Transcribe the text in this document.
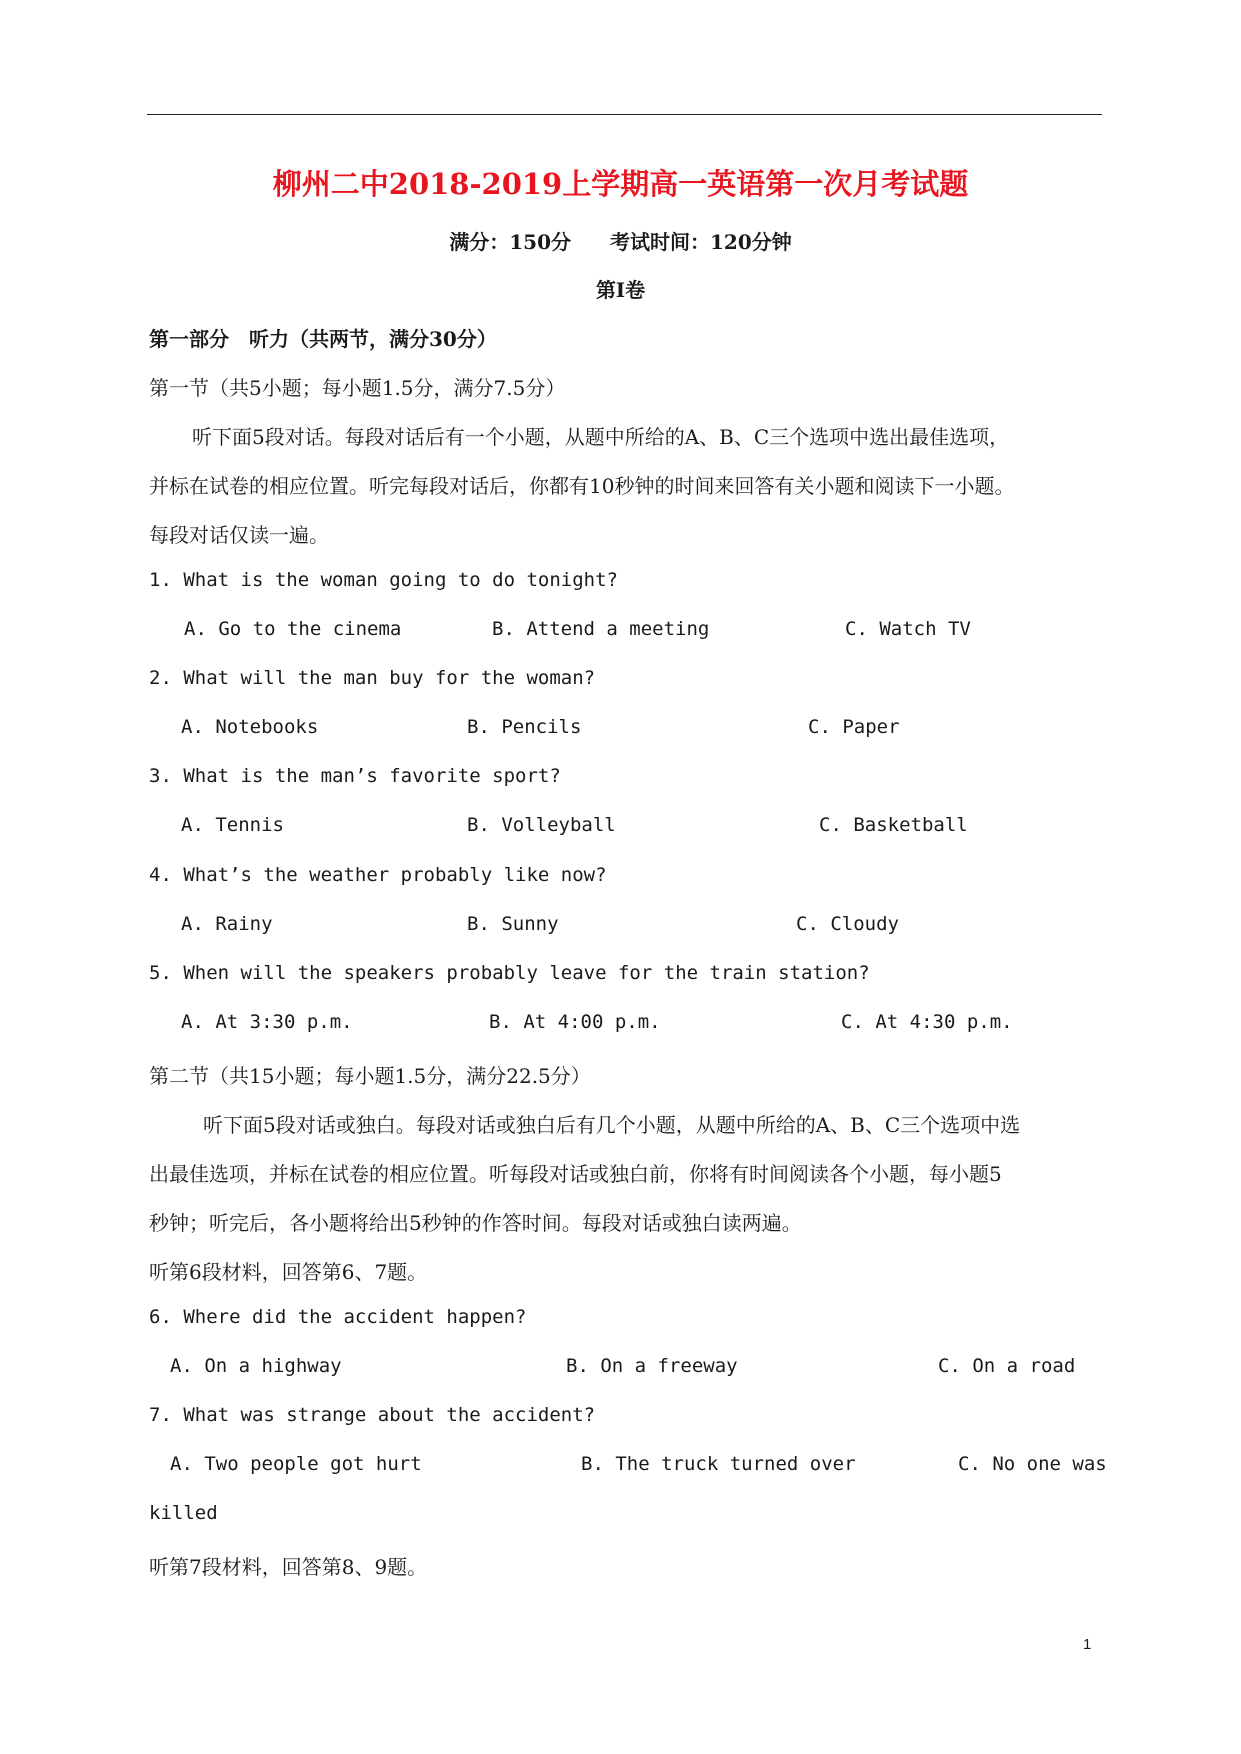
柳州二中2018-2019上学期高一英语第一次月考试题
满分：150分 考试时间：120分钟
第Ⅰ卷
第一部分　听力（共两节，满分30分）
第一节（共5小题；每小题1.5分，满分7.5分）
听下面5段对话。每段对话后有一个小题，从题中所给的A、B、C三个选项中选出最佳选项，
并标在试卷的相应位置。听完每段对话后，你都有10秒钟的时间来回答有关小题和阅读下一小题。
每段对话仅读一遍。
1. What is the woman going to do tonight?
A. Go to the cinema	B. Attend a meeting	C. Watch TV
2. What will the man buy for the woman?
A. Notebooks	B. Pencils	C. Paper
3. What is the man’s favorite sport?
A. Tennis	B. Volleyball	C. Basketball
4. What’s the weather probably like now?
A. Rainy	B. Sunny	C. Cloudy
5. When will the speakers probably leave for the train station?
A. At 3:30 p.m.	B. At 4:00 p.m.	C. At 4:30 p.m.
第二节（共15小题；每小题1.5分，满分22.5分）
听下面5段对话或独白。每段对话或独白后有几个小题，从题中所给的A、B、C三个选项中选
出最佳选项，并标在试卷的相应位置。听每段对话或独白前，你将有时间阅读各个小题，每小题5
秒钟；听完后，各小题将给出5秒钟的作答时间。每段对话或独白读两遍。
听第6段材料，回答第6、7题。
6. Where did the accident happen?
A. On a highway	B. On a freeway	C. On a road
7. What was strange about the accident?
A. Two people got hurt	B. The truck turned over	C. No one was
killed
听第7段材料，回答第8、9题。
1
